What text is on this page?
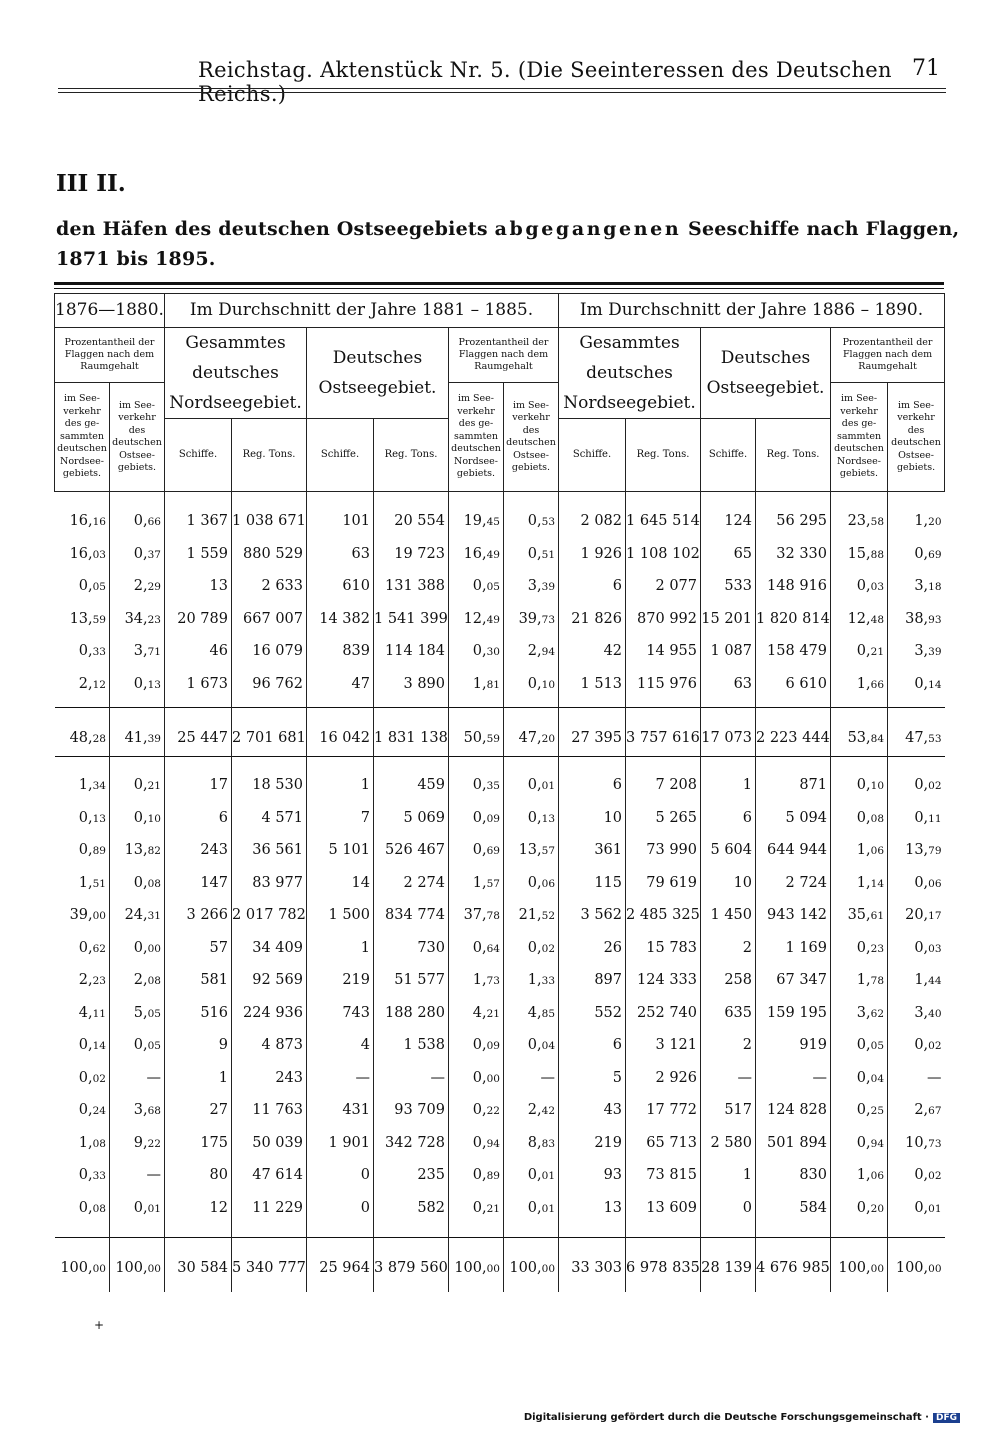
Reichstag. Aktenstück Nr. 5. (Die Seeinteressen des Deutschen Reichs.)
71
III II.
den Häfen des deutschen Ostseegebiets abgegangenen Seeschiffe nach Flaggen,
1871 bis 1895.
1876—1880.		Im Durchschnitt der Jahre 1881 – 1885.						Im Durchschnitt der Jahre 1886 – 1890.					
Prozentantheil der Flaggen nach dem Raumgehalt		Gesammtes deutsches Nordseegebiet.		Deutsches Ostseegebiet.		Prozentantheil der Flaggen nach dem Raumgehalt		Gesammtes deutsches Nordseegebiet.		Deutsches Ostseegebiet.		Prozentantheil der Flaggen nach dem Raumgehalt	
im See-verkehr des ge-sammten deutschen Nordsee-gebiets.	im See-verkehr des deutschen Ostsee-gebiets.					im See-verkehr des ge-sammten deutschen Nordsee-gebiets.	im See-verkehr des deutschen Ostsee-gebiets.					im See-verkehr des ge-sammten deutschen Nordsee-gebiets.	im See-verkehr des deutschen Ostsee-gebiets.
		Schiffe.	Reg. Tons.	Schiffe.	Reg. Tons.			Schiffe.	Reg. Tons.	Schiffe.	Reg. Tons.		

16,16	0,66	1 367	1 038 671	101	20 554	19,45	0,53	2 082	1 645 514	124	56 295	23,58	1,20
16,03	0,37	1 559	880 529	63	19 723	16,49	0,51	1 926	1 108 102	65	32 330	15,88	0,69
0,05	2,29	13	2 633	610	131 388	0,05	3,39	6	2 077	533	148 916	0,03	3,18
13,59	34,23	20 789	667 007	14 382	1 541 399	12,49	39,73	21 826	870 992	15 201	1 820 814	12,48	38,93
0,33	3,71	46	16 079	839	114 184	0,30	2,94	42	14 955	1 087	158 479	0,21	3,39
2,12	0,13	1 673	96 762	47	3 890	1,81	0,10	1 513	115 976	63	6 610	1,66	0,14

48,28	41,39	25 447	2 701 681	16 042	1 831 138	50,59	47,20	27 395	3 757 616	17 073	2 223 444	53,84	47,53

1,34	0,21	17	18 530	1	459	0,35	0,01	6	7 208	1	871	0,10	0,02
0,13	0,10	6	4 571	7	5 069	0,09	0,13	10	5 265	6	5 094	0,08	0,11
0,89	13,82	243	36 561	5 101	526 467	0,69	13,57	361	73 990	5 604	644 944	1,06	13,79
1,51	0,08	147	83 977	14	2 274	1,57	0,06	115	79 619	10	2 724	1,14	0,06
39,00	24,31	3 266	2 017 782	1 500	834 774	37,78	21,52	3 562	2 485 325	1 450	943 142	35,61	20,17
0,62	0,00	57	34 409	1	730	0,64	0,02	26	15 783	2	1 169	0,23	0,03
2,23	2,08	581	92 569	219	51 577	1,73	1,33	897	124 333	258	67 347	1,78	1,44
4,11	5,05	516	224 936	743	188 280	4,21	4,85	552	252 740	635	159 195	3,62	3,40
0,14	0,05	9	4 873	4	1 538	0,09	0,04	6	3 121	2	919	0,05	0,02
0,02	—	1	243	—	—	0,00	—	5	2 926	—	—	0,04	—
0,24	3,68	27	11 763	431	93 709	0,22	2,42	43	17 772	517	124 828	0,25	2,67
1,08	9,22	175	50 039	1 901	342 728	0,94	8,83	219	65 713	2 580	501 894	0,94	10,73
0,33	—	80	47 614	0	235	0,89	0,01	93	73 815	1	830	1,06	0,02
0,08	0,01	12	11 229	0	582	0,21	0,01	13	13 609	0	584	0,20	0,01

100,00	100,00	30 584	5 340 777	25 964	3 879 560	100,00	100,00	33 303	6 978 835	28 139	4 676 985	100,00	100,00

+
Digitalisierung gefördert durch die Deutsche Forschungsgemeinschaft · DFG
